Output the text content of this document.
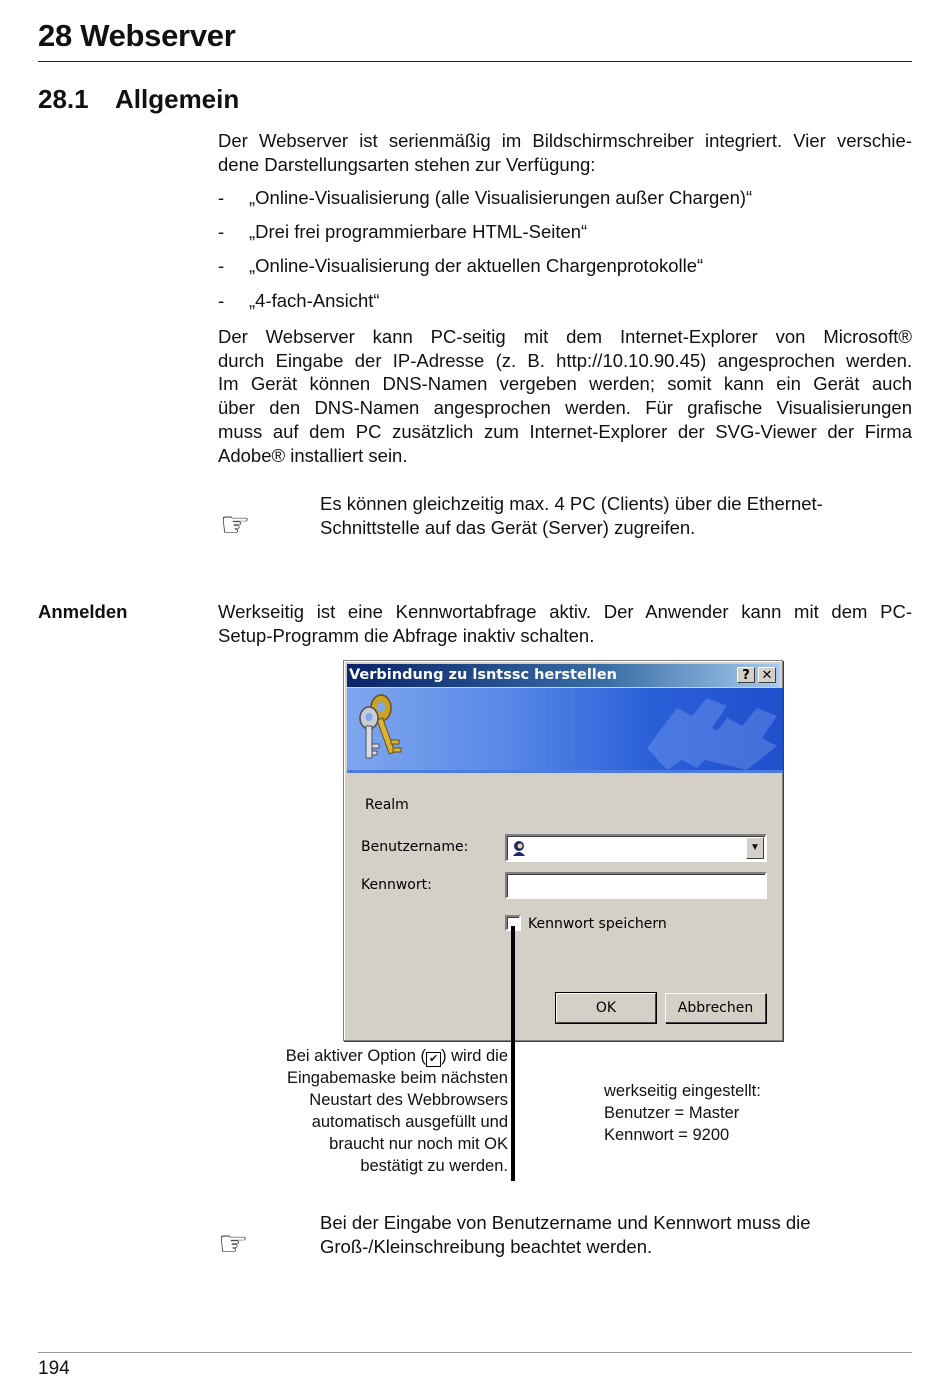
28 Webserver
28.1 Allgemein
Der Webserver ist serienmäßig im Bildschirmschreiber integriert. Vier verschie-
dene Darstellungsarten stehen zur Verfügung:
- „Online-Visualisierung (alle Visualisierungen außer Chargen)“
- „Drei frei programmierbare HTML-Seiten“
- „Online-Visualisierung der aktuellen Chargenprotokolle“
- „4-fach-Ansicht“
Der Webserver kann PC-seitig mit dem Internet-Explorer von Microsoft®
durch Eingabe der IP-Adresse (z. B. http://10.10.90.45) angesprochen werden.
Im Gerät können DNS-Namen vergeben werden; somit kann ein Gerät auch
über den DNS-Namen angesprochen werden. Für grafische Visualisierungen
muss auf dem PC zusätzlich zum Internet-Explorer der SVG-Viewer der Firma
Adobe® installiert sein.
☞
Es können gleichzeitig max. 4 PC (Clients) über die Ethernet-
Schnittstelle auf das Gerät (Server) zugreifen.
Anmelden	Werkseitig ist eine Kennwortabfrage aktiv. Der Anwender kann mit dem PC-
Setup-Programm die Abfrage inaktiv schalten.
Verbindung zu lsntssc herstellen	? ✕
Realm
Benutzername:	▼
Kennwort:
Kennwort speichern
OK	Abbrechen
Bei aktiver Option ( ✔ ) wird die
Eingabemaske beim nächsten
Neustart des Webbrowsers
automatisch ausgefüllt und
braucht nur noch mit OK
bestätigt zu werden.
werkseitig eingestellt:
Benutzer = Master
Kennwort = 9200
☞
Bei der Eingabe von Benutzername und Kennwort muss die
Groß-/Kleinschreibung beachtet werden.
194
